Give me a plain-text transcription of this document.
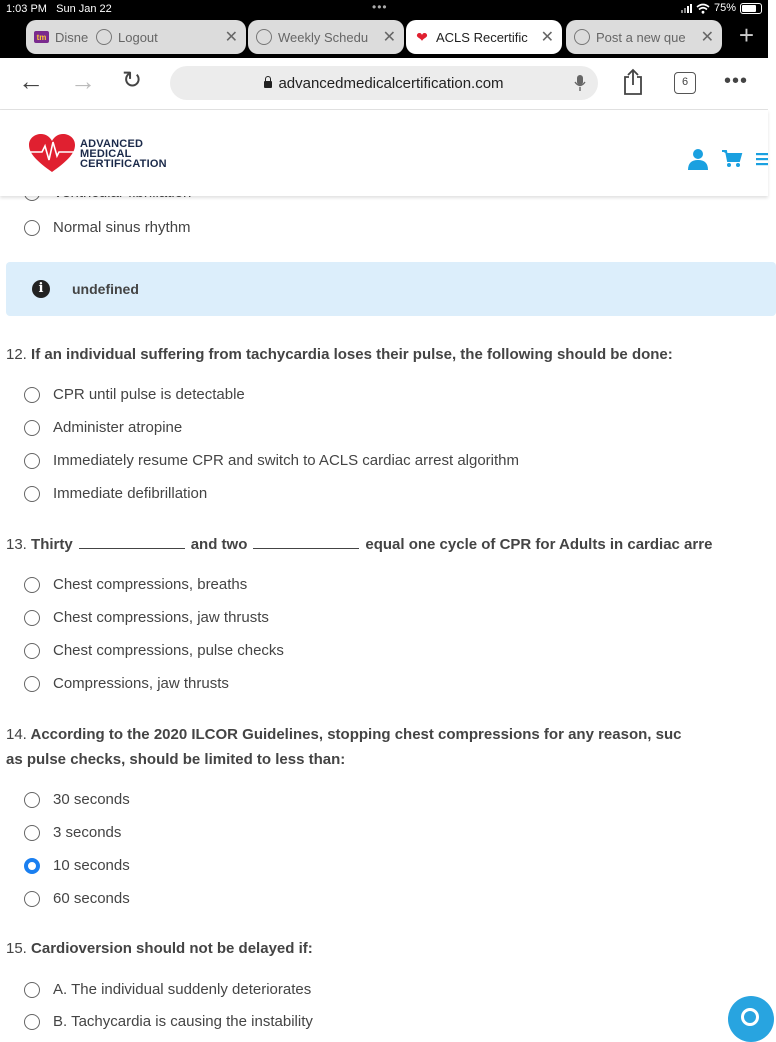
1:03 PM Sun Jan 22	•••	75%
tm Disne	Logout	✕	Weekly Schedu ✕ ❤ ACLS Recertific ✕	Post a new que ✕ +
← → ↻	advancedmedicalcertification.com	6	•••
ADVANCED
MEDICAL
CERTIFICATION
Normal sinus rhythm
i	undefined
12. If an individual suffering from tachycardia loses their pulse, the following should be done:
CPR until pulse is detectable
Administer atropine
Immediately resume CPR and switch to ACLS cardiac arrest algorithm
Immediate defibrillation
13. Thirty	and two	equal one cycle of CPR for Adults in cardiac arre
Chest compressions, breaths
Chest compressions, jaw thrusts
Chest compressions, pulse checks
Compressions, jaw thrusts
14. According to the 2020 ILCOR Guidelines, stopping chest compressions for any reason, suc
as pulse checks, should be limited to less than:
30 seconds
3 seconds
10 seconds
60 seconds
15. Cardioversion should not be delayed if:
A. The individual suddenly deteriorates
B. Tachycardia is causing the instability
